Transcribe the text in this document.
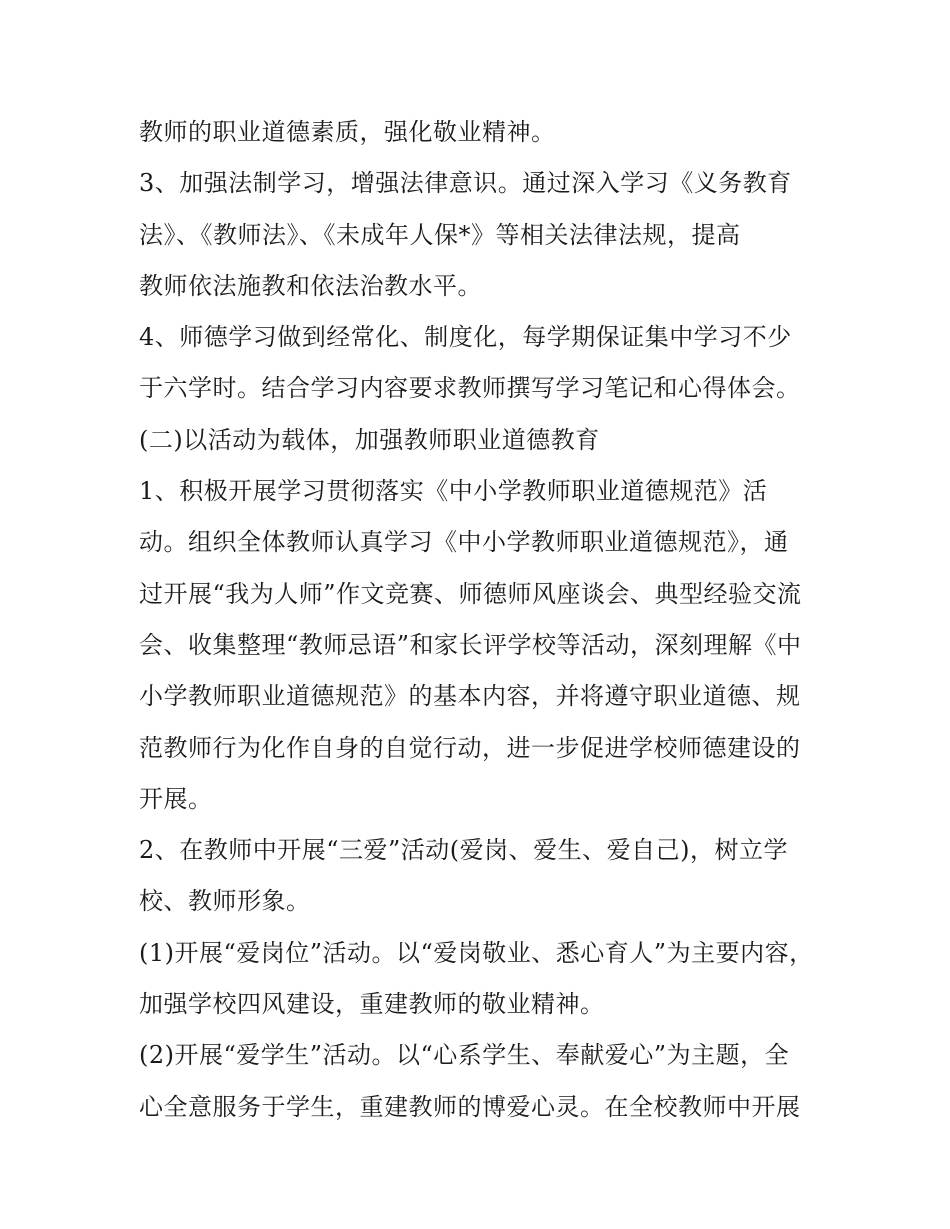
教师的职业道德素质，强化敬业精神。
3、加强法制学习，增强法律意识。通过深入学习《义务教育
法》、《教师法》、《未成年人保*》等相关法律法规，提高
教师依法施教和依法治教水平。
4、师德学习做到经常化、制度化，每学期保证集中学习不少
于六学时。结合学习内容要求教师撰写学习笔记和心得体会。
(二)以活动为载体，加强教师职业道德教育
1、积极开展学习贯彻落实《中小学教师职业道德规范》活
动。组织全体教师认真学习《中小学教师职业道德规范》，通
过开展“我为人师”作文竞赛、师德师风座谈会、典型经验交流
会、收集整理“教师忌语”和家长评学校等活动，深刻理解《中
小学教师职业道德规范》的基本内容，并将遵守职业道德、规
范教师行为化作自身的自觉行动，进一步促进学校师德建设的
开展。
2、在教师中开展“三爱”活动(爱岗、爱生、爱自己)，树立学
校、教师形象。
(1)开展“爱岗位”活动。以“爱岗敬业、悉心育人”为主要内容，
加强学校四风建设，重建教师的敬业精神。
(2)开展“爱学生”活动。以“心系学生、奉献爱心”为主题，全
心全意服务于学生，重建教师的博爱心灵。在全校教师中开展
